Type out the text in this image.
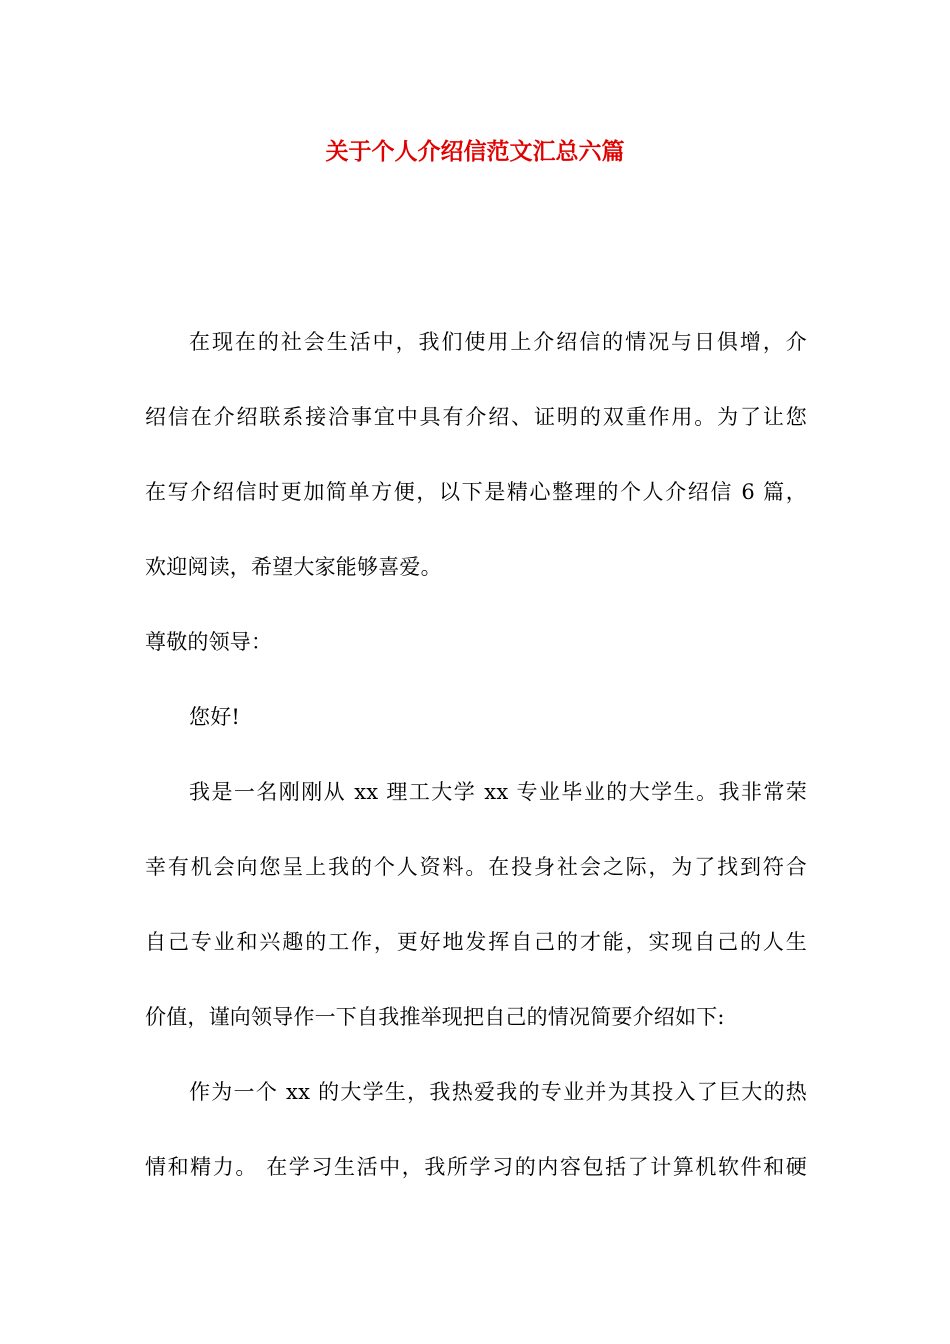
关于个人介绍信范文汇总六篇
在现在的社会生活中，我们使用上介绍信的情况与日俱增，介
绍信在介绍联系接洽事宜中具有介绍、证明的双重作用。为了让您
在写介绍信时更加简单方便，以下是精心整理的个人介绍信 6 篇，
欢迎阅读，希望大家能够喜爱。
尊敬的领导：
您好!
我是一名刚刚从 xx 理工大学 xx 专业毕业的大学生。我非常荣
幸有机会向您呈上我的个人资料。在投身社会之际，为了找到符合
自己专业和兴趣的工作，更好地发挥自己的才能，实现自己的人生
价值，谨向领导作一下自我推举现把自己的情况简要介绍如下:
作为一个 xx 的大学生，我热爱我的专业并为其投入了巨大的热
情和精力。 在学习生活中，我所学习的内容包括了计算机软件和硬
